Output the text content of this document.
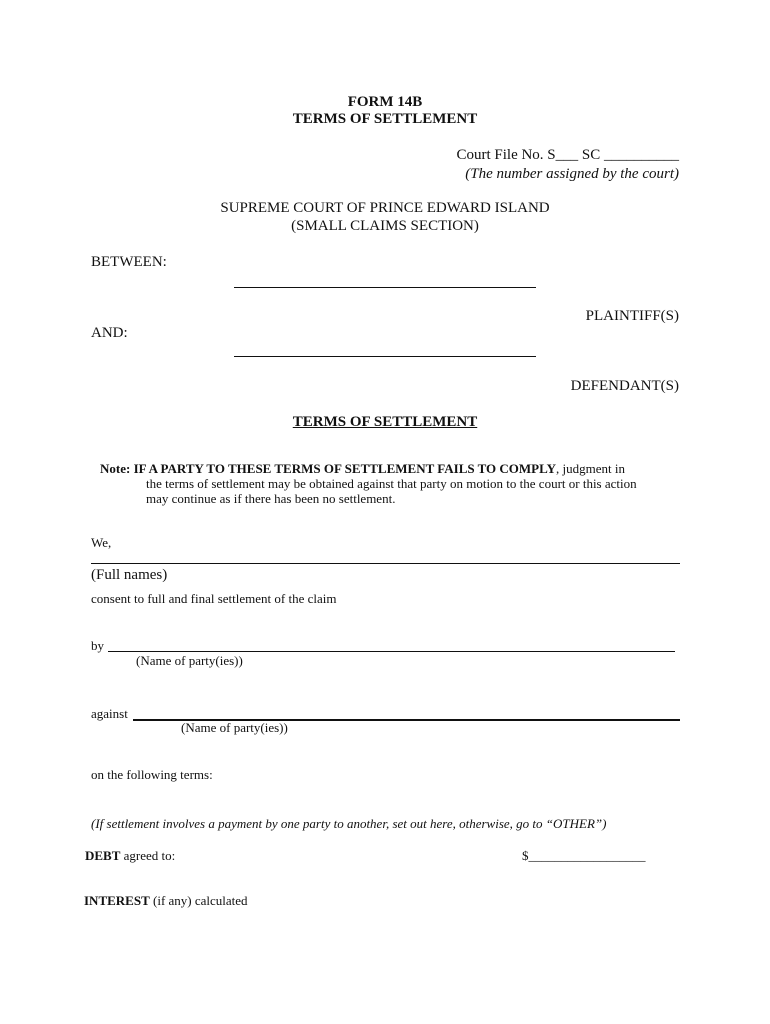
FORM 14B
TERMS OF SETTLEMENT
Court File No. S___ SC __________
(The number assigned by the court)
SUPREME COURT OF PRINCE EDWARD ISLAND
(SMALL CLAIMS SECTION)
BETWEEN:
PLAINTIFF(S)
AND:
DEFENDANT(S)
TERMS OF SETTLEMENT
Note: IF A PARTY TO THESE TERMS OF SETTLEMENT FAILS TO COMPLY, judgment in
the terms of settlement may be obtained against that party on motion to the court or this action
may continue as if there has been no settlement.
We,
(Full names)
consent to full and final settlement of the claim
by
(Name of party(ies))
against
(Name of party(ies))
on the following terms:
(If settlement involves a payment by one party to another, set out here, otherwise, go to “OTHER”)
DEBT agreed to:	$__________________
INTEREST (if any) calculated
